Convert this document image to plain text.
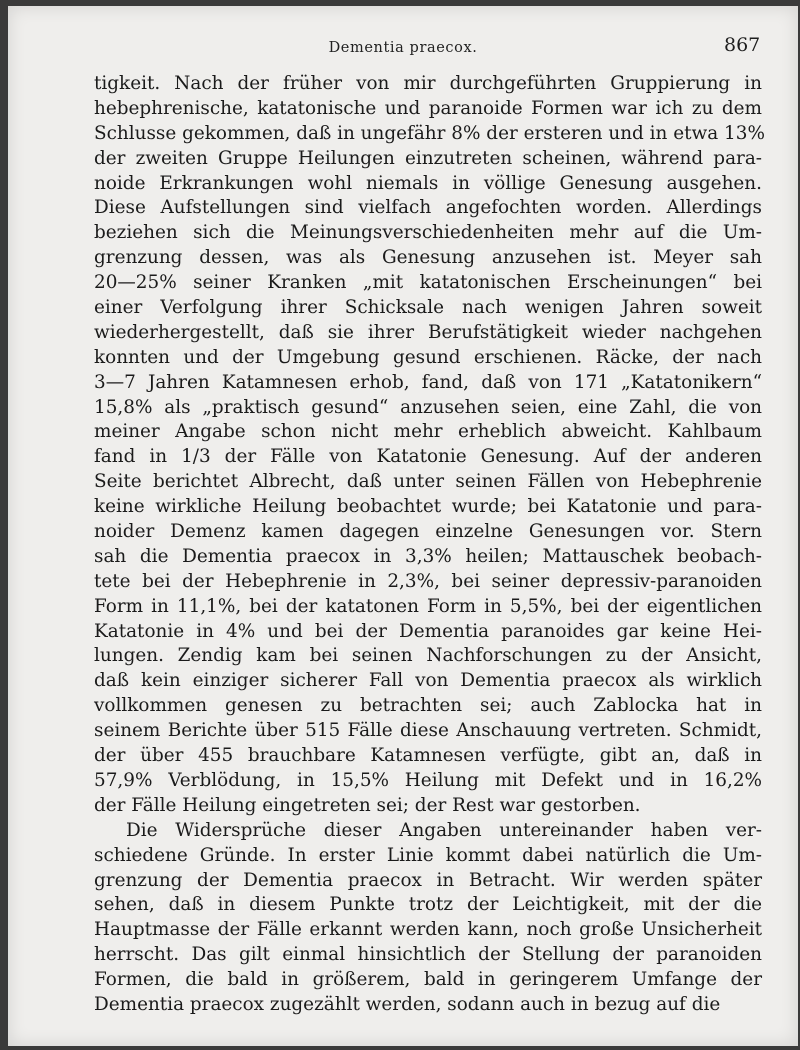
Dementia praecox.	867
tigkeit. Nach der früher von mir durchgeführten Gruppierung in
hebephrenische, katatonische und paranoide Formen war ich zu dem
Schlusse gekommen, daß in ungefähr 8% der ersteren und in etwa 13%
der zweiten Gruppe Heilungen einzutreten scheinen, während para-
noide Erkrankungen wohl niemals in völlige Genesung ausgehen.
Diese Aufstellungen sind vielfach angefochten worden. Allerdings
beziehen sich die Meinungsverschiedenheiten mehr auf die Um-
grenzung dessen, was als Genesung anzusehen ist. Meyer sah
20—25% seiner Kranken „mit katatonischen Erscheinungen“ bei
einer Verfolgung ihrer Schicksale nach wenigen Jahren soweit
wiederhergestellt, daß sie ihrer Berufstätigkeit wieder nachgehen
konnten und der Umgebung gesund erschienen. Räcke, der nach
3—7 Jahren Katamnesen erhob, fand, daß von 171 „Katatonikern“
15,8% als „praktisch gesund“ anzusehen seien, eine Zahl, die von
meiner Angabe schon nicht mehr erheblich abweicht. Kahlbaum
fand in 1/3 der Fälle von Katatonie Genesung. Auf der anderen
Seite berichtet Albrecht, daß unter seinen Fällen von Hebephrenie
keine wirkliche Heilung beobachtet wurde; bei Katatonie und para-
noider Demenz kamen dagegen einzelne Genesungen vor. Stern
sah die Dementia praecox in 3,3% heilen; Mattauschek beobach-
tete bei der Hebephrenie in 2,3%, bei seiner depressiv-paranoiden
Form in 11,1%, bei der katatonen Form in 5,5%, bei der eigentlichen
Katatonie in 4% und bei der Dementia paranoides gar keine Hei-
lungen. Zendig kam bei seinen Nachforschungen zu der Ansicht,
daß kein einziger sicherer Fall von Dementia praecox als wirklich
vollkommen genesen zu betrachten sei; auch Zablocka hat in
seinem Berichte über 515 Fälle diese Anschauung vertreten. Schmidt,
der über 455 brauchbare Katamnesen verfügte, gibt an, daß in
57,9% Verblödung, in 15,5% Heilung mit Defekt und in 16,2%
der Fälle Heilung eingetreten sei; der Rest war gestorben.
Die Widersprüche dieser Angaben untereinander haben ver-
schiedene Gründe. In erster Linie kommt dabei natürlich die Um-
grenzung der Dementia praecox in Betracht. Wir werden später
sehen, daß in diesem Punkte trotz der Leichtigkeit, mit der die
Hauptmasse der Fälle erkannt werden kann, noch große Unsicherheit
herrscht. Das gilt einmal hinsichtlich der Stellung der paranoiden
Formen, die bald in größerem, bald in geringerem Umfange der
Dementia praecox zugezählt werden, sodann auch in bezug auf die
